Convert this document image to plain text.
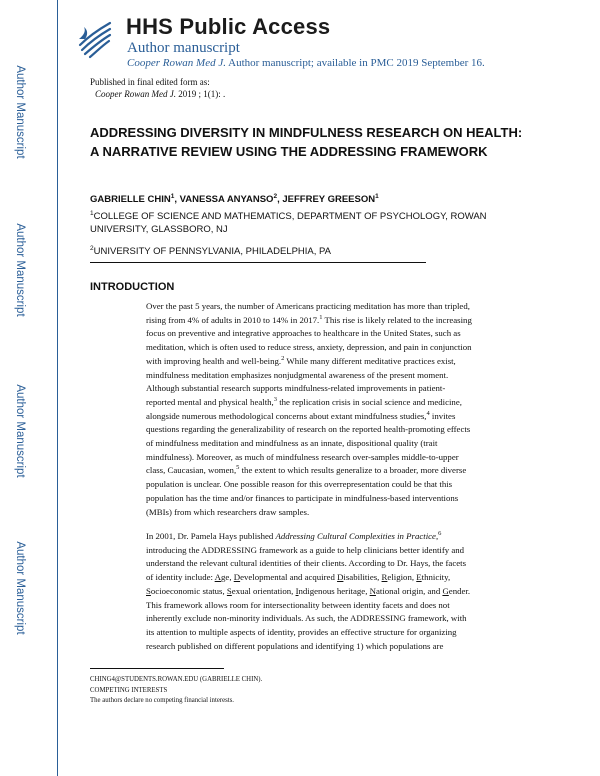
Author Manuscript
Author Manuscript
Author Manuscript
Author Manuscript
HHS Public Access
Author manuscript
Cooper Rowan Med J. Author manuscript; available in PMC 2019 September 16.
Published in final edited form as:
Cooper Rowan Med J. 2019 ; 1(1): .
ADDRESSING DIVERSITY IN MINDFULNESS RESEARCH ON HEALTH: A NARRATIVE REVIEW USING THE ADDRESSING FRAMEWORK
GABRIELLE CHIN$^1$, VANESSA ANYANSO$^2$, JEFFREY GREESON$^1$
$^1$COLLEGE OF SCIENCE AND MATHEMATICS, DEPARTMENT OF PSYCHOLOGY, ROWAN UNIVERSITY, GLASSBORO, NJ
$^2$UNIVERSITY OF PENNSYLVANIA, PHILADELPHIA, PA
INTRODUCTION
Over the past 5 years, the number of Americans practicing meditation has more than tripled,
rising from 4% of adults in 2010 to 14% in 2017.$^1$ This rise is likely related to the increasing
focus on preventive and integrative approaches to healthcare in the United States, such as
meditation, which is often used to reduce stress, anxiety, depression, and pain in conjunction
with improving health and well-being.$^2$ While many different meditative practices exist,
mindfulness meditation emphasizes nonjudgmental awareness of the present moment.
Although substantial research supports mindfulness-related improvements in patient-
reported mental and physical health,$^3$ the replication crisis in social science and medicine,
alongside numerous methodological concerns about extant mindfulness studies,$^4$ invites
questions regarding the generalizability of research on the reported health-promoting effects
of mindfulness meditation and mindfulness as an innate, dispositional quality (trait
mindfulness). Moreover, as much of mindfulness research over-samples middle-to-upper
class, Caucasian, women,$^5$ the extent to which results generalize to a broader, more diverse
population is unclear. One possible reason for this overrepresentation could be that this
population has the time and/or finances to participate in mindfulness-based interventions
(MBIs) from which researchers draw samples.
In 2001, Dr. Pamela Hays published Addressing Cultural Complexities in Practice,$^6$
introducing the ADDRESSING framework as a guide to help clinicians better identify and
understand the relevant cultural identities of their clients. According to Dr. Hays, the facets
of identity include: Age, Developmental and acquired Disabilities, Religion, Ethnicity,
Socioeconomic status, Sexual orientation, Indigenous heritage, National origin, and Gender.
This framework allows room for intersectionality between identity facets and does not
inherently exclude non-minority individuals. As such, the ADDRESSING framework, with
its attention to multiple aspects of identity, provides an effective structure for organizing
research published on different populations and identifying 1) which populations are
CHING4@STUDENTS.ROWAN.EDU (GABRIELLE CHIN).
COMPETING INTERESTS
The authors declare no competing financial interests.
